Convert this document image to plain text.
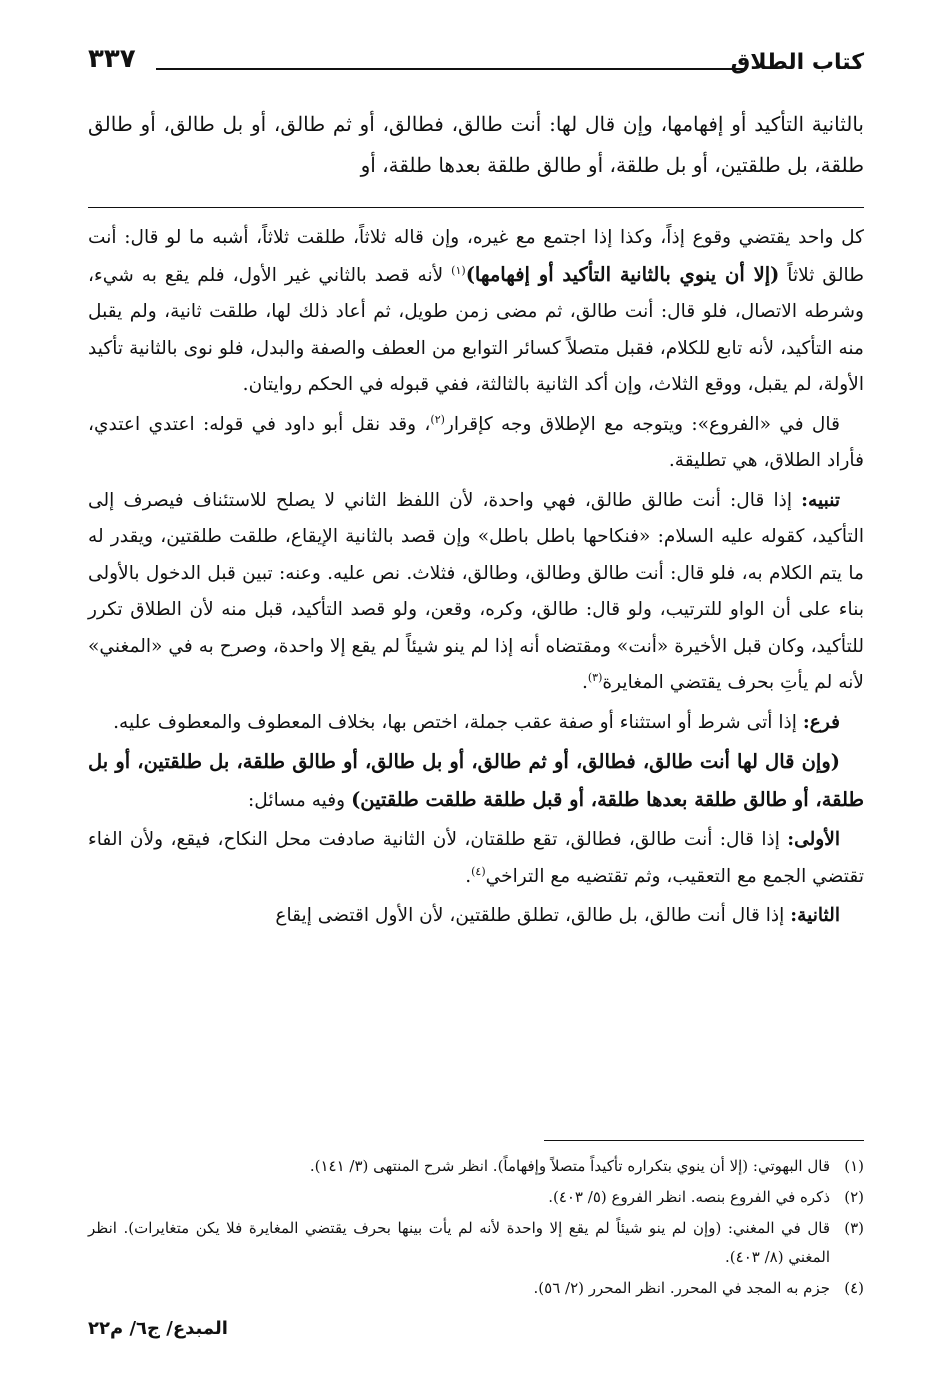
كتاب الطلاق
٣٣٧
بالثانية التأكيد أو إفهامها، وإن قال لها: أنت طالق، فطالق، أو ثم طالق، أو بل طالق، أو طالق طلقة، بل طلقتين، أو بل طلقة، أو طالق طلقة بعدها طلقة، أو

كل واحد يقتضي وقوع إذاً، وكذا إذا اجتمع مع غيره، وإن قاله ثلاثاً، طلقت ثلاثاً، أشبه ما لو قال: أنت طالق ثلاثاً (إلا أن ينوي بالثانية التأكيد أو إفهامها)$^{(١)}$ لأنه قصد بالثاني غير الأول، فلم يقع به شيء، وشرطه الاتصال، فلو قال: أنت طالق، ثم مضى زمن طويل، ثم أعاد ذلك لها، طلقت ثانية، ولم يقبل منه التأكيد، لأنه تابع للكلام، فقبل متصلاً كسائر التوابع من العطف والصفة والبدل، فلو نوى بالثانية تأكيد الأولة، لم يقبل، ووقع الثلاث، وإن أكد الثانية بالثالثة، ففي قبوله في الحكم روايتان.

قال في «الفروع»: ويتوجه مع الإطلاق وجه كإقرار$^{(٢)}$، وقد نقل أبو داود في قوله: اعتدي اعتدي، فأراد الطلاق، هي تطليقة.

تنبيه: إذا قال: أنت طالق طالق، فهي واحدة، لأن اللفظ الثاني لا يصلح للاستئناف فيصرف إلى التأكيد، كقوله عليه السلام: «فنكاحها باطل باطل» وإن قصد بالثانية الإيقاع، طلقت طلقتين، ويقدر له ما يتم الكلام به، فلو قال: أنت طالق وطالق، وطالق، فثلاث. نص عليه. وعنه: تبين قبل الدخول بالأولى بناء على أن الواو للترتيب، ولو قال: طالق، وكره، وقعن، ولو قصد التأكيد، قبل منه لأن الطلاق تكرر للتأكيد، وكان قبل الأخيرة «أنت» ومقتضاه أنه إذا لم ينو شيئاً لم يقع إلا واحدة، وصرح به في «المغني» لأنه لم يأتِ بحرف يقتضي المغايرة$^{(٣)}$.

فرع: إذا أتى شرط أو استثناء أو صفة عقب جملة، اختص بها، بخلاف المعطوف والمعطوف عليه.

(وإن قال لها أنت طالق، فطالق، أو ثم طالق، أو بل طالق، أو طالق طلقة، بل طلقتين، أو بل طلقة، أو طالق طلقة بعدها طلقة، أو قبل طلقة طلقت طلقتين) وفيه مسائل:

الأولى: إذا قال: أنت طالق، فطالق، تقع طلقتان، لأن الثانية صادفت محل النكاح، فيقع، ولأن الفاء تقتضي الجمع مع التعقيب، وثم تقتضيه مع التراخي$^{(٤)}$.

الثانية: إذا قال أنت طالق، بل طالق، تطلق طلقتين، لأن الأول اقتضى إيقاع

(١)
قال البهوتي: (إلا أن ينوي بتكراره تأكيداً متصلاً وإفهاماً). انظر شرح المنتهى (٣/ ١٤١).
(٢)
ذكره في الفروع بنصه. انظر الفروع (٥/ ٤٠٣).
(٣)
قال في المغني: (وإن لم ينو شيئاً لم يقع إلا واحدة لأنه لم يأت بينها بحرف يقتضي المغايرة فلا يكن متغايرات). انظر المغني (٨/ ٤٠٣).
(٤)
جزم به المجد في المحرر. انظر المحرر (٢/ ٥٦).
المبدع/ ج٦/ م٢٢
